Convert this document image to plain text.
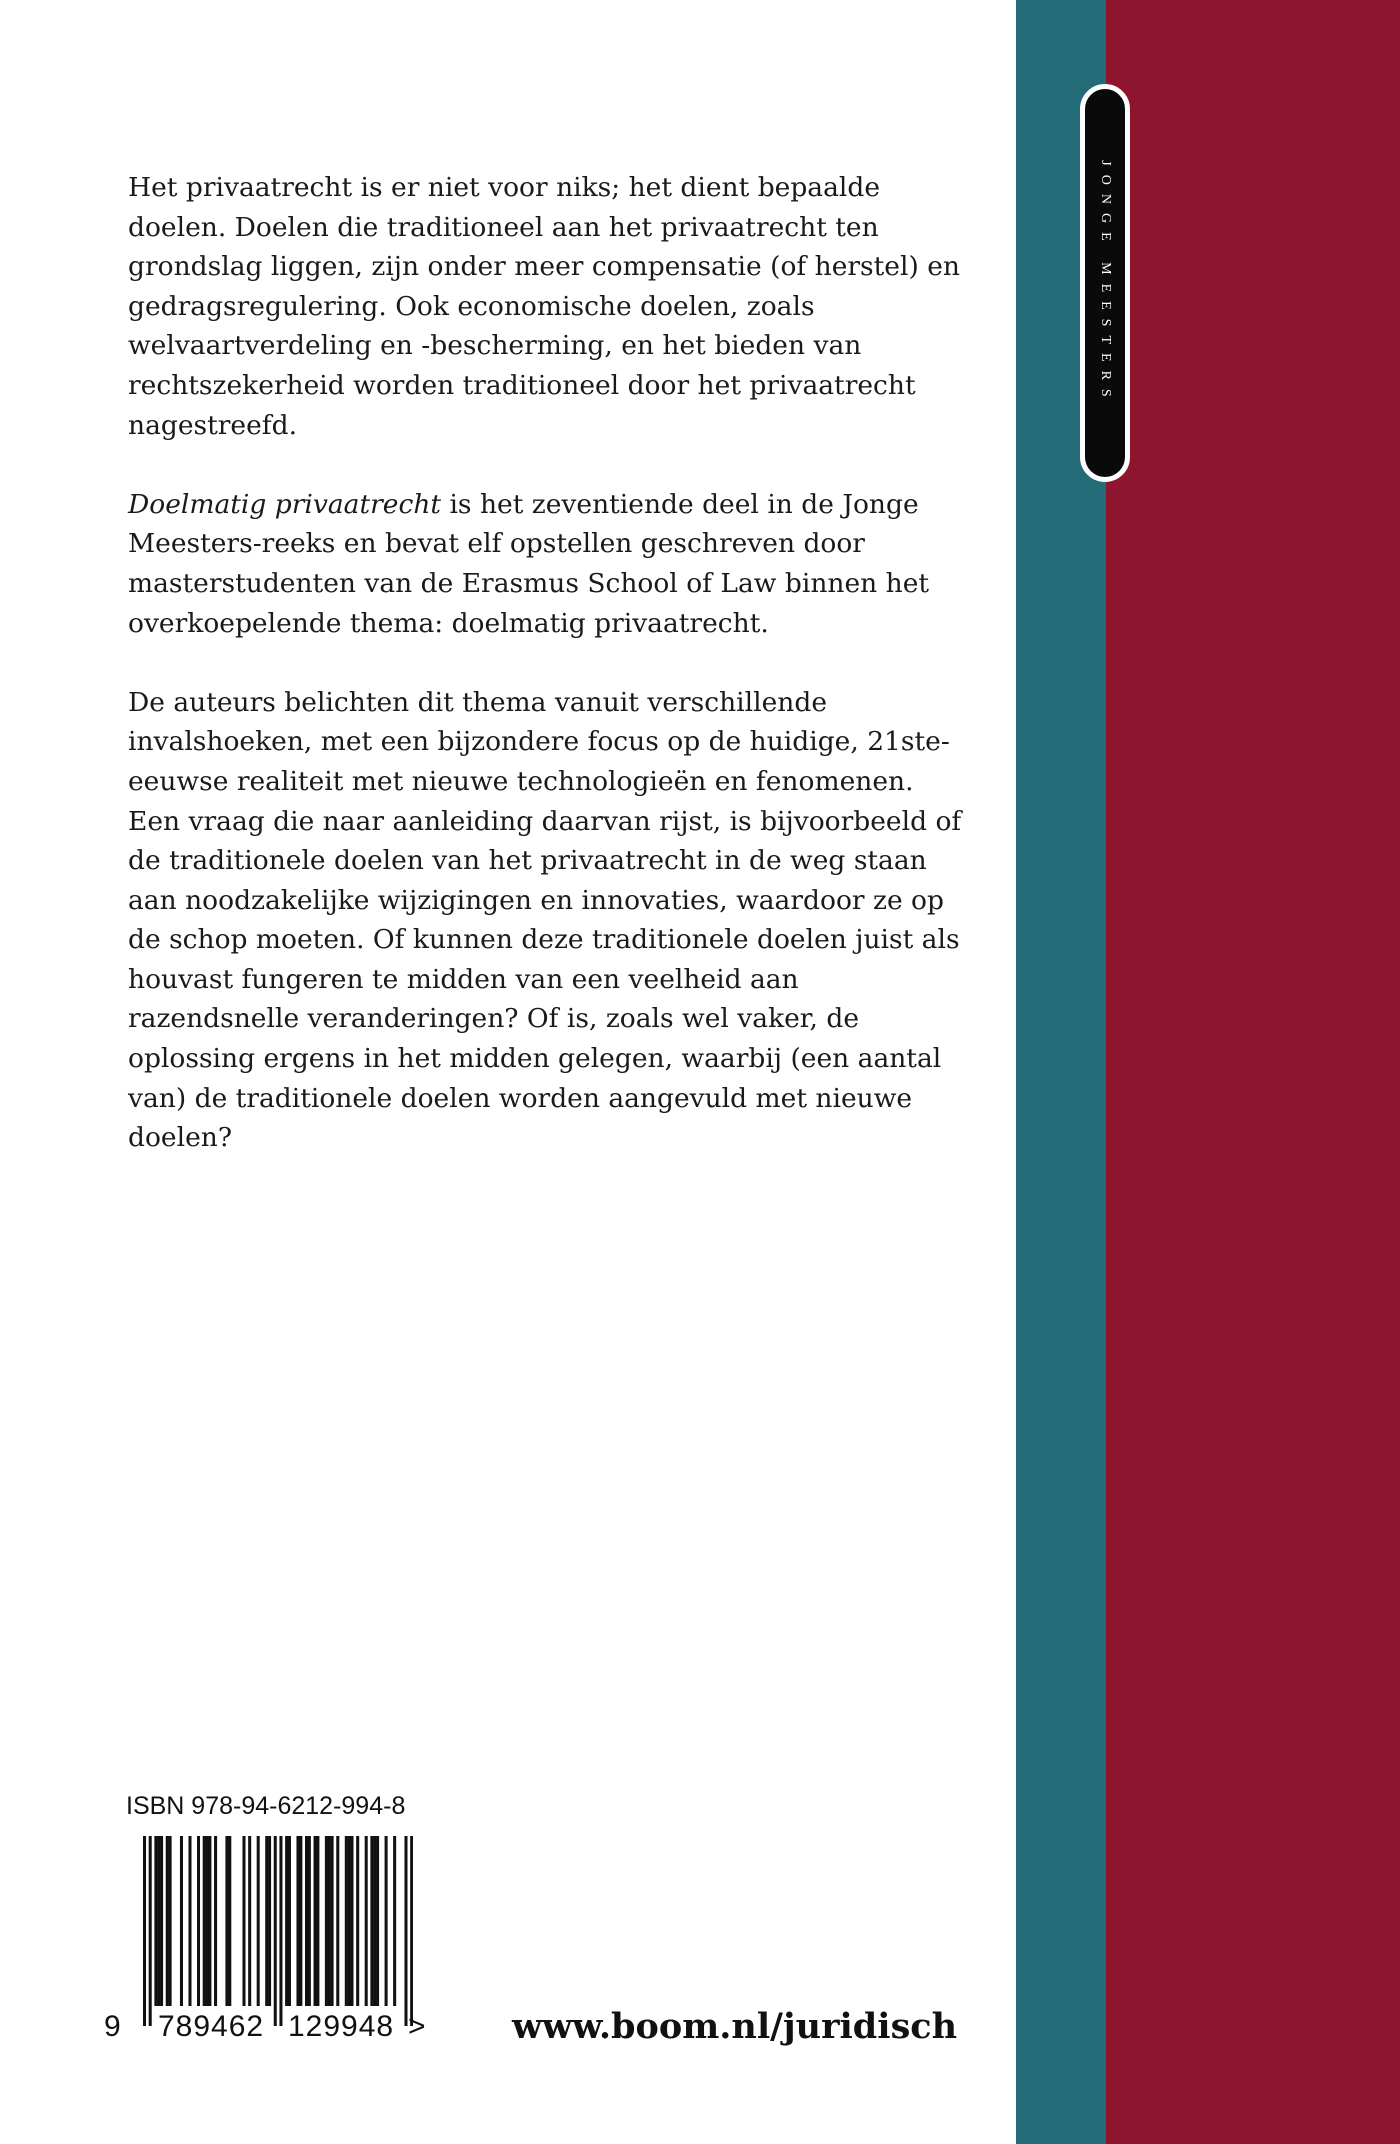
JONGE MEESTERS

Het privaatrecht is er niet voor niks; het dient bepaalde doelen. Doelen die traditioneel aan het privaatrecht ten grondslag liggen, zijn onder meer compensatie (of herstel) en gedragsregulering. Ook economische doelen, zoals welvaartverdeling en -bescherming, en het bieden van rechtszekerheid worden traditioneel door het privaatrecht nagestreefd.

Doelmatig privaatrecht is het zeventiende deel in de Jonge Meesters-reeks en bevat elf opstellen geschreven door masterstudenten van de Erasmus School of Law binnen het overkoepelende thema: doelmatig privaatrecht.

De auteurs belichten dit thema vanuit verschillende invalshoeken, met een bijzondere focus op de huidige, 21ste-eeuwse realiteit met nieuwe technologieën en fenomenen. Een vraag die naar aanleiding daarvan rijst, is bijvoorbeeld of de traditionele doelen van het privaatrecht in de weg staan aan noodzakelijke wijzigingen en innovaties, waardoor ze op de schop moeten. Of kunnen deze traditionele doelen juist als houvast fungeren te midden van een veelheid aan razendsnelle veranderingen? Of is, zoals wel vaker, de oplossing ergens in het midden gelegen, waarbij (een aantal van) de traditionele doelen worden aangevuld met nieuwe doelen?

ISBN 978-94-6212-994-8
9 789462 129948 > www.boom.nl/juridisch
